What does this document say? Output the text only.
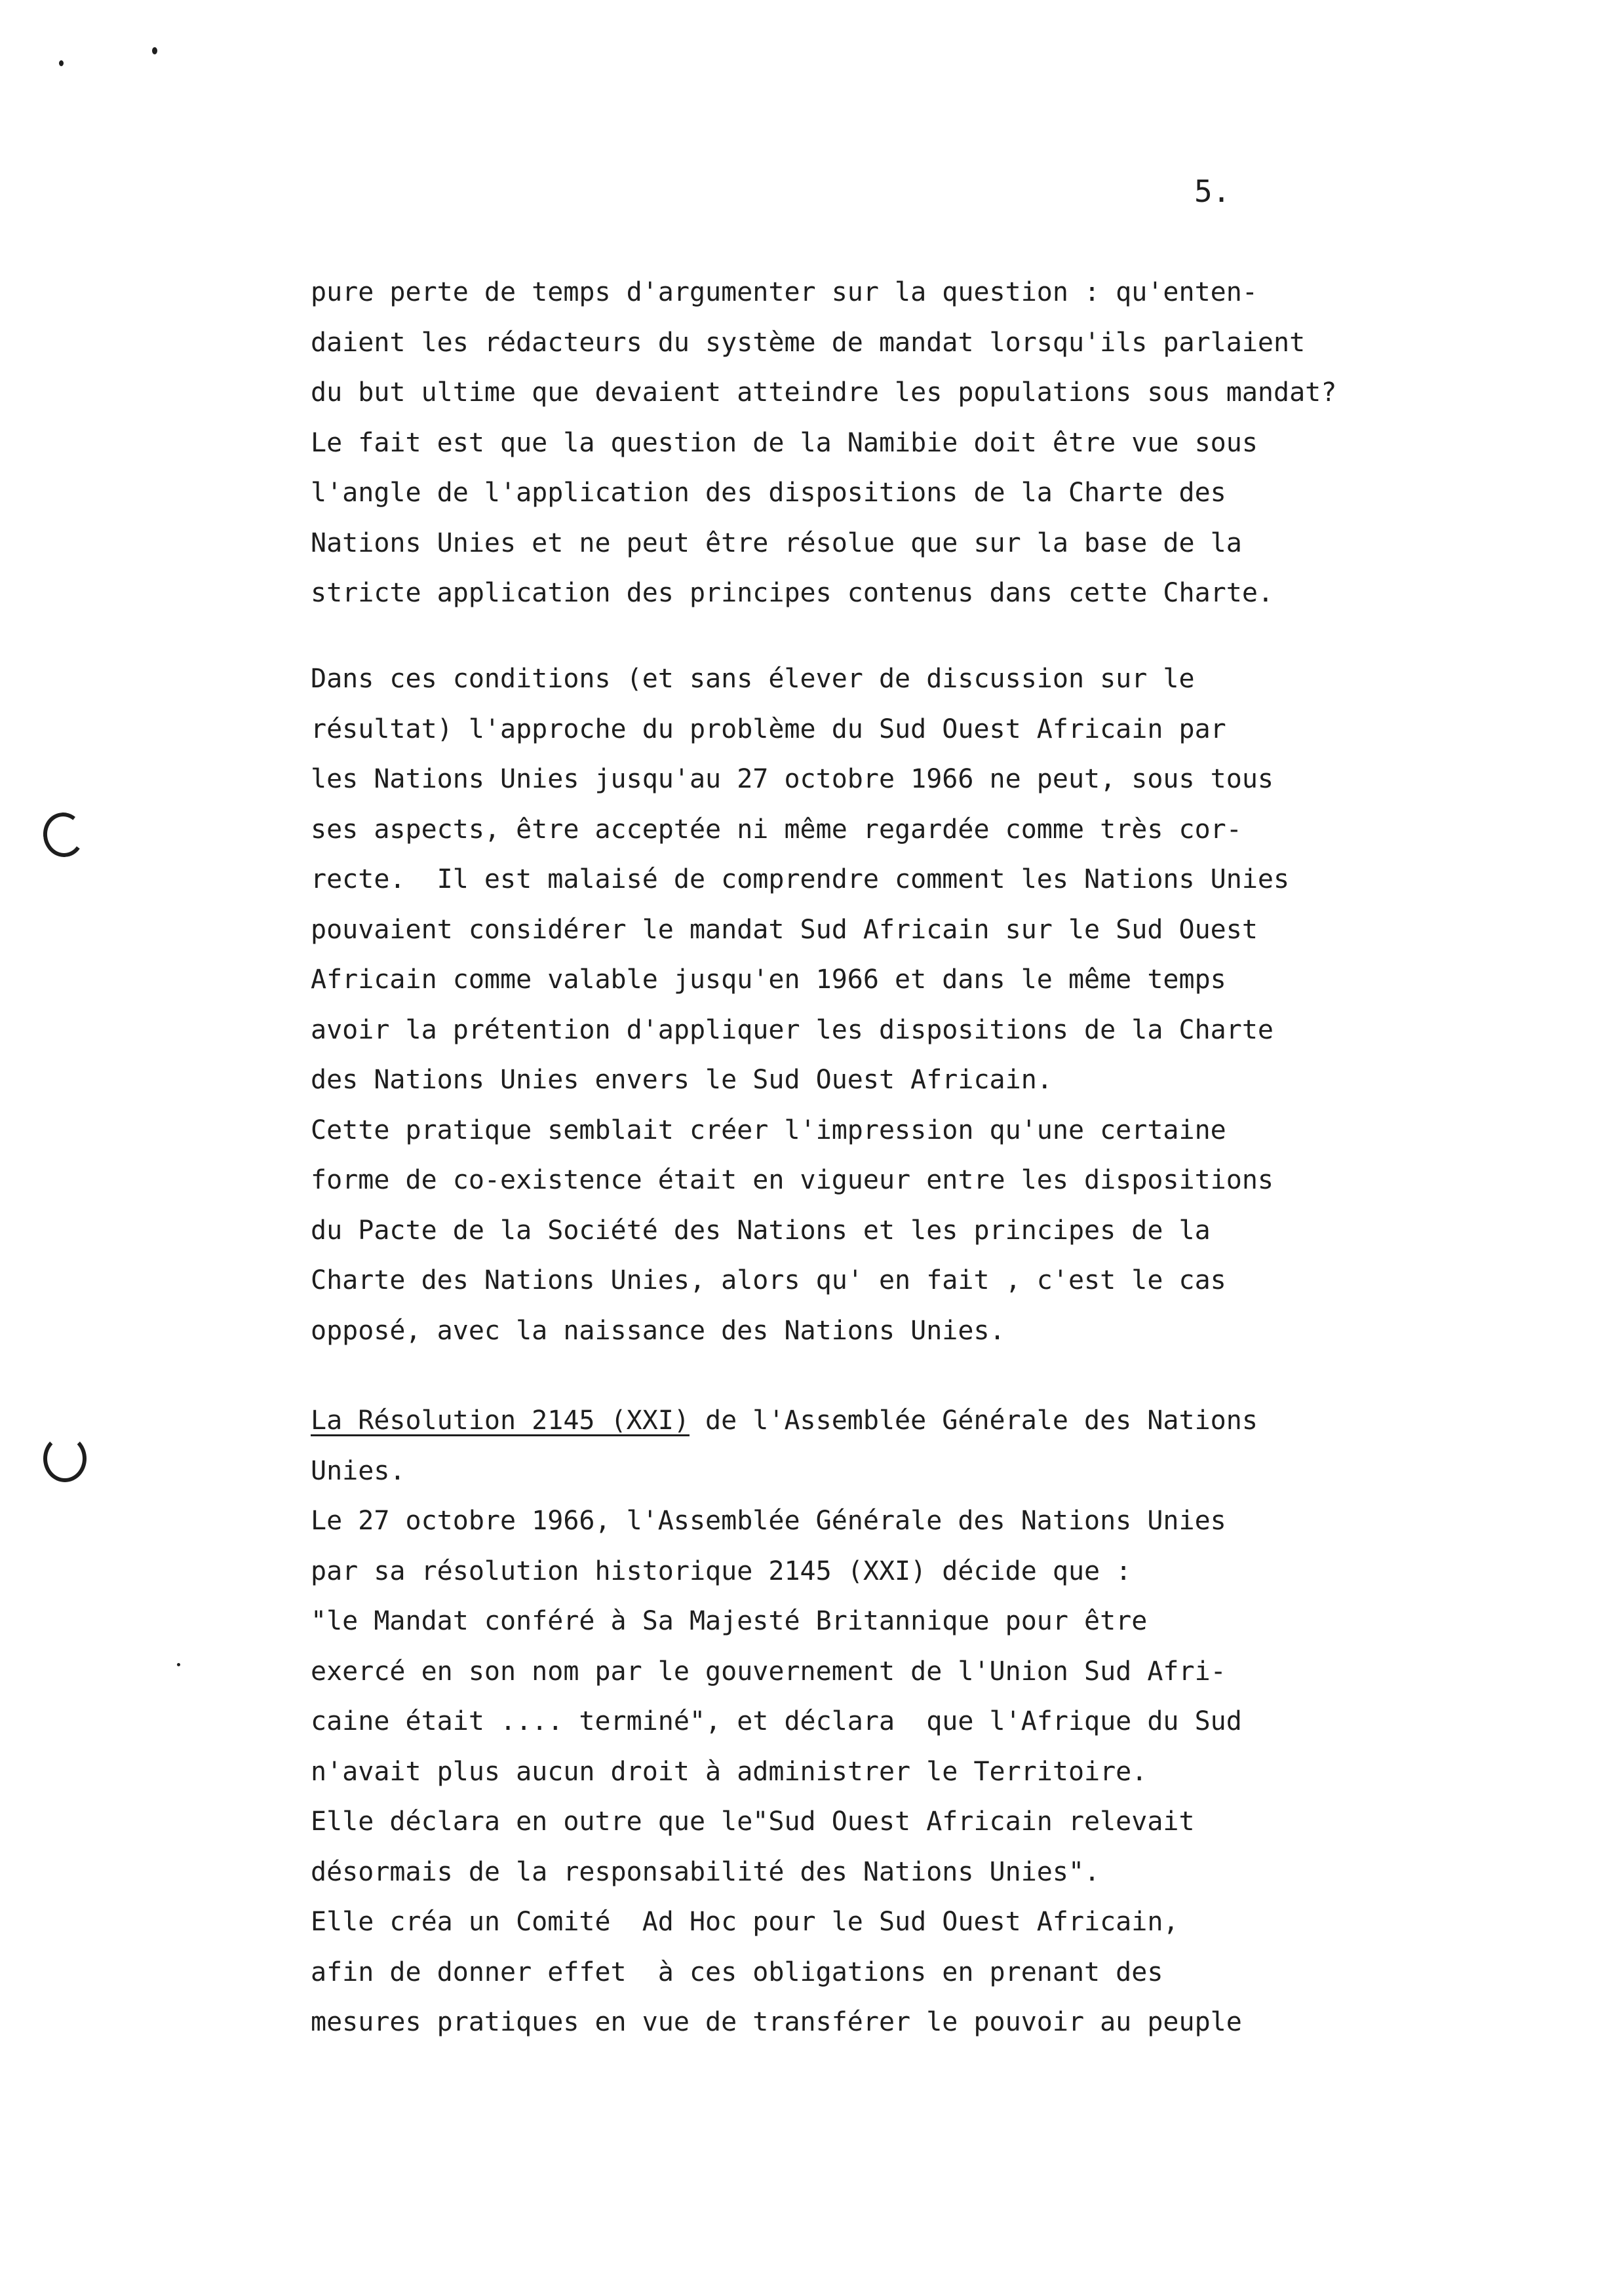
5.
pure perte de temps d'argumenter sur la question : qu'enten-
daient les rédacteurs du système de mandat lorsqu'ils parlaient
du but ultime que devaient atteindre les populations sous mandat?
Le fait est que la question de la Namibie doit être vue sous
l'angle de l'application des dispositions de la Charte des
Nations Unies et ne peut être résolue que sur la base de la
stricte application des principes contenus dans cette Charte.
Dans ces conditions (et sans élever de discussion sur le
résultat) l'approche du problème du Sud Ouest Africain par
les Nations Unies jusqu'au 27 octobre 1966 ne peut, sous tous
ses aspects, être acceptée ni même regardée comme très cor-
recte.  Il est malaisé de comprendre comment les Nations Unies
pouvaient considérer le mandat Sud Africain sur le Sud Ouest
Africain comme valable jusqu'en 1966 et dans le même temps
avoir la prétention d'appliquer les dispositions de la Charte
des Nations Unies envers le Sud Ouest Africain.
Cette pratique semblait créer l'impression qu'une certaine
forme de co-existence était en vigueur entre les dispositions
du Pacte de la Société des Nations et les principes de la
Charte des Nations Unies, alors qu' en fait , c'est le cas
opposé, avec la naissance des Nations Unies.
La Résolution 2145 (XXI) de l'Assemblée Générale des Nations
Unies.
Le 27 octobre 1966, l'Assemblée Générale des Nations Unies
par sa résolution historique 2145 (XXI) décide que :
"le Mandat conféré à Sa Majesté Britannique pour être
exercé en son nom par le gouvernement de l'Union Sud Afri-
caine était .... terminé", et déclara  que l'Afrique du Sud
n'avait plus aucun droit à administrer le Territoire.
Elle déclara en outre que le"Sud Ouest Africain relevait
désormais de la responsabilité des Nations Unies".
Elle créa un Comité  Ad Hoc pour le Sud Ouest Africain,
afin de donner effet  à ces obligations en prenant des
mesures pratiques en vue de transférer le pouvoir au peuple
